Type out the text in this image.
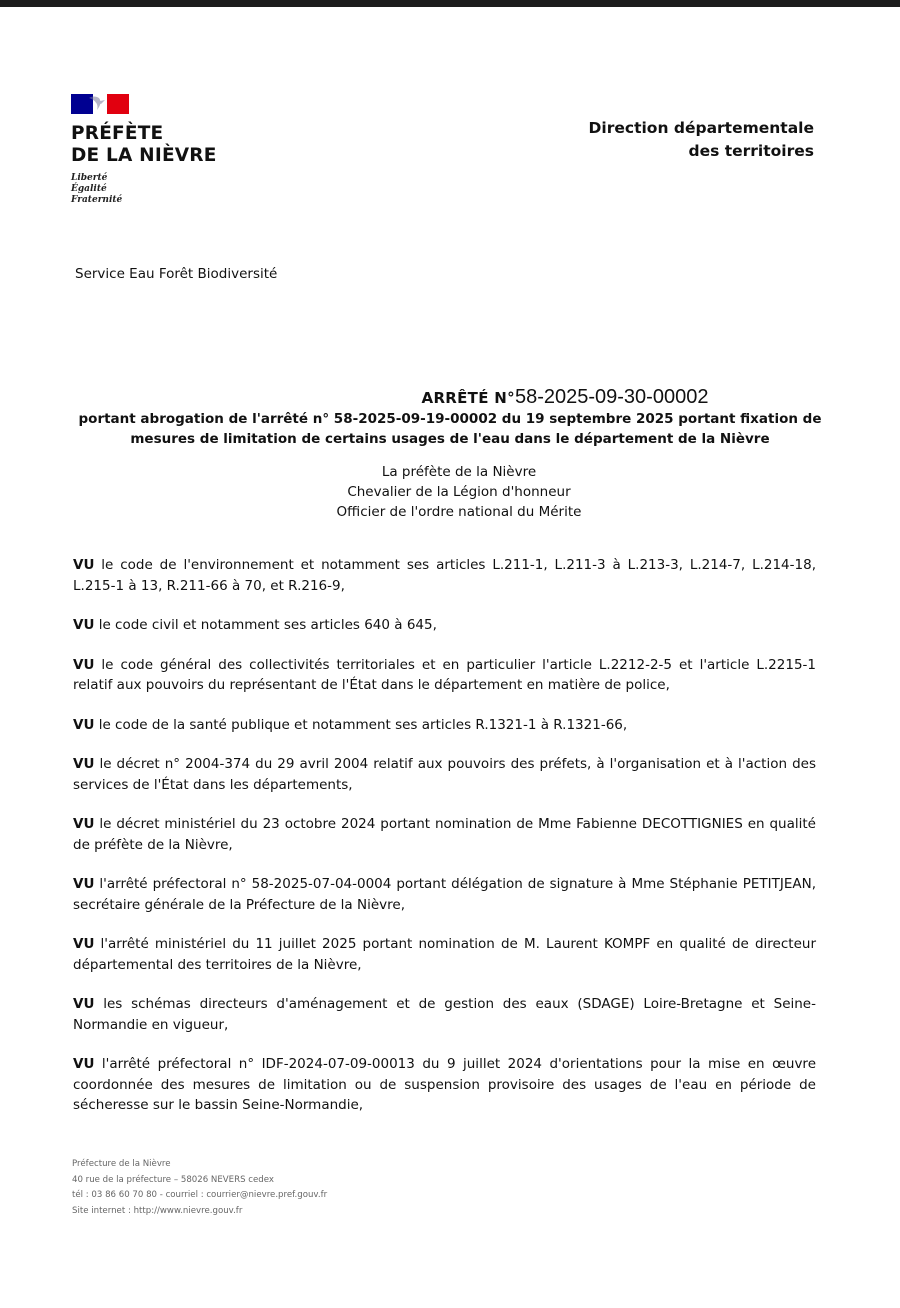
PRÉFÈTE
DE LA NIÈVRE
Liberté
Égalité
Fraternité
Direction départementale
des territoires
Service Eau Forêt Biodiversité
ARRÊTÉ N°58-2025-09-30-00002
portant abrogation de l'arrêté n° 58-2025-09-19-00002 du 19 septembre 2025 portant fixation de mesures de limitation de certains usages de l'eau dans le département de la Nièvre
La préfète de la Nièvre
Chevalier de la Légion d'honneur
Officier de l'ordre national du Mérite

VU le code de l'environnement et notamment ses articles L.211-1, L.211-3 à L.213-3, L.214-7, L.214-18, L.215-1 à 13, R.211-66 à 70, et R.216-9,

VU le code civil et notamment ses articles 640 à 645,

VU le code général des collectivités territoriales et en particulier l'article L.2212-2-5 et l'article L.2215-1 relatif aux pouvoirs du représentant de l'État dans le département en matière de police,

VU le code de la santé publique et notamment ses articles R.1321-1 à R.1321-66,

VU le décret n° 2004-374 du 29 avril 2004 relatif aux pouvoirs des préfets, à l'organisation et à l'action des services de l'État dans les départements,

VU le décret ministériel du 23 octobre 2024 portant nomination de Mme Fabienne DECOTTIGNIES en qualité de préfète de la Nièvre,

VU l'arrêté préfectoral n° 58-2025-07-04-0004 portant délégation de signature à Mme Stéphanie PETITJEAN, secrétaire générale de la Préfecture de la Nièvre,

VU l'arrêté ministériel du 11 juillet 2025 portant nomination de M. Laurent KOMPF en qualité de directeur départemental des territoires de la Nièvre,

VU les schémas directeurs d'aménagement et de gestion des eaux (SDAGE) Loire-Bretagne et Seine-Normandie en vigueur,

VU l'arrêté préfectoral n° IDF-2024-07-09-00013 du 9 juillet 2024 d'orientations pour la mise en œuvre coordonnée des mesures de limitation ou de suspension provisoire des usages de l'eau en période de sécheresse sur le bassin Seine-Normandie,

Préfecture de la Nièvre
40 rue de la préfecture – 58026 NEVERS cedex
tél : 03 86 60 70 80 - courriel : courrier@nievre.pref.gouv.fr
Site internet : http://www.nievre.gouv.fr
